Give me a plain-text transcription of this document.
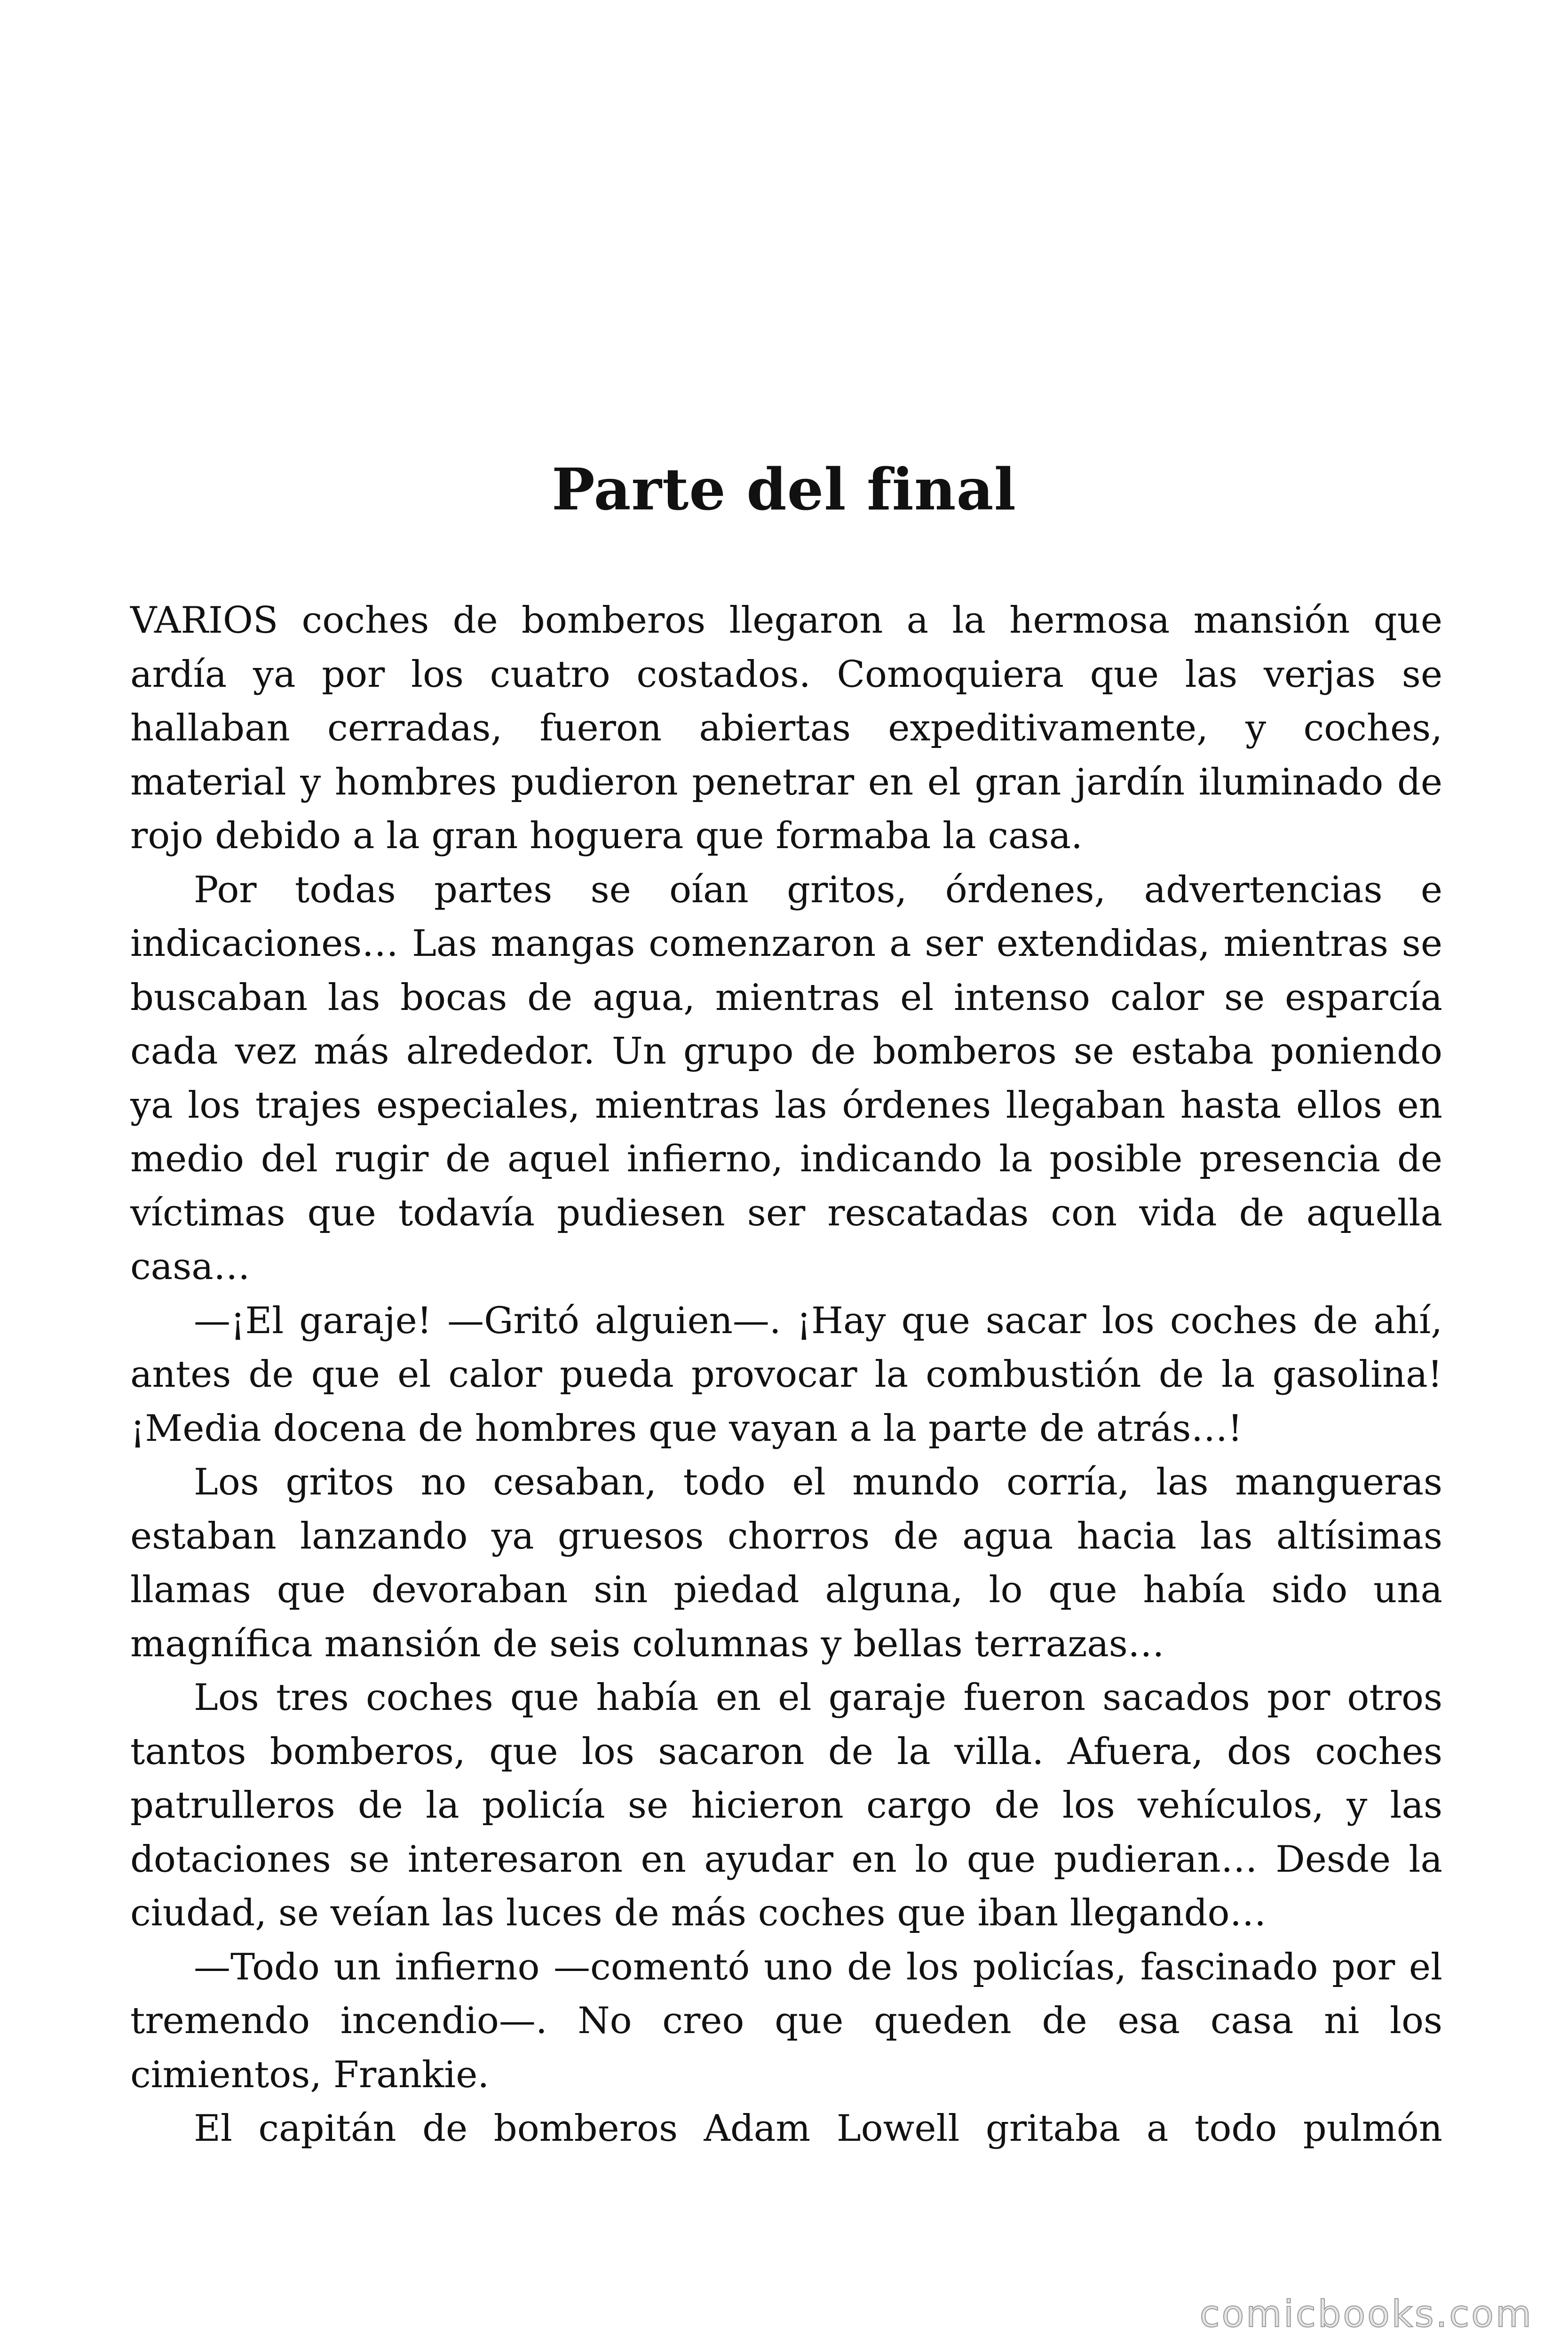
Parte del final

VARIOS coches de bomberos llegaron a la hermosa mansión que ardía ya por los cuatro costados. Comoquiera que las verjas se hallaban cerradas, fueron abiertas expeditivamente, y coches, material y hombres pudieron penetrar en el gran jardín iluminado de rojo debido a la gran hoguera que formaba la casa.

Por todas partes se oían gritos, órdenes, advertencias e indicaciones… Las mangas comenzaron a ser extendidas, mientras se buscaban las bocas de agua, mientras el intenso calor se esparcía cada vez más alrededor. Un grupo de bomberos se estaba poniendo ya los trajes especiales, mientras las órdenes llegaban hasta ellos en medio del rugir de aquel infierno, indicando la posible presencia de víctimas que todavía pudiesen ser rescatadas con vida de aquella casa…

—¡El garaje! —Gritó alguien—. ¡Hay que sacar los coches de ahí, antes de que el calor pueda provocar la combustión de la gasolina! ¡Media docena de hombres que vayan a la parte de atrás…!

Los gritos no cesaban, todo el mundo corría, las mangueras estaban lanzando ya gruesos chorros de agua hacia las altísimas llamas que devoraban sin piedad alguna, lo que había sido una magnífica mansión de seis columnas y bellas terrazas…

Los tres coches que había en el garaje fueron sacados por otros tantos bomberos, que los sacaron de la villa. Afuera, dos coches patrulleros de la policía se hicieron cargo de los vehículos, y las dotaciones se interesaron en ayudar en lo que pudieran… Desde la ciudad, se veían las luces de más coches que iban llegando…

—Todo un infierno —comentó uno de los policías, fascinado por el tremendo incendio—. No creo que queden de esa casa ni los cimientos, Frankie.

El capitán de bomberos Adam Lowell gritaba a todo pulmón

comicbooks.com
